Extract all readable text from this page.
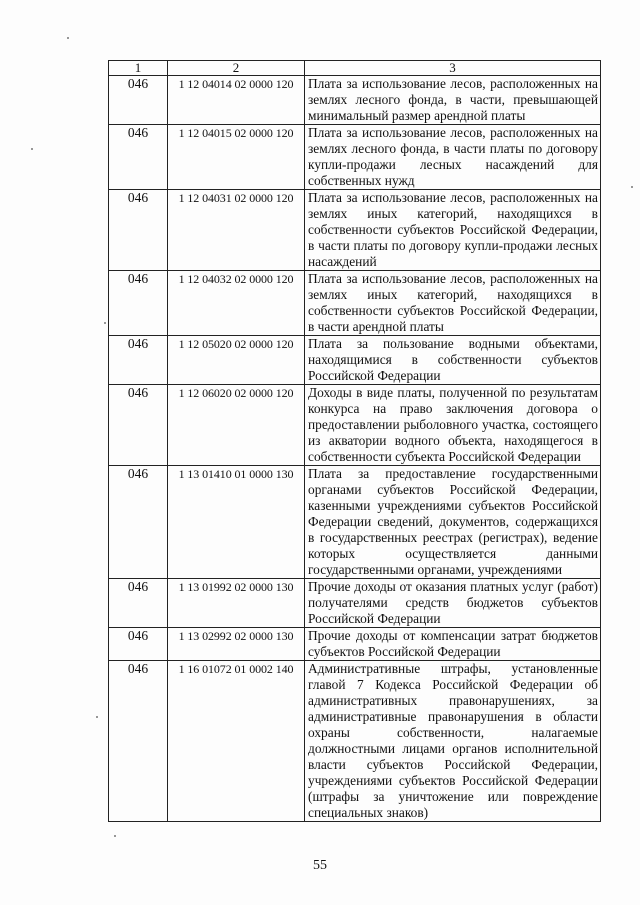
1	2	3
046	1 12 04014 02 0000 120	Плата за использование лесов, расположенных на землях лесного фонда, в части, превышающей минимальный размер арендной платы
046	1 12 04015 02 0000 120	Плата за использование лесов, расположенных на землях лесного фонда, в части платы по договору купли-продажи лесных насаждений для собственных нужд
046	1 12 04031 02 0000 120	Плата за использование лесов, расположенных на землях иных категорий, находящихся в собственности субъектов Российской Федерации, в части платы по договору купли-продажи лесных насаждений
046	1 12 04032 02 0000 120	Плата за использование лесов, расположенных на землях иных категорий, находящихся в собственности субъектов Российской Федерации, в части арендной платы
046	1 12 05020 02 0000 120	Плата за пользование водными объектами, находящимися в собственности субъектов Российской Федерации
046	1 12 06020 02 0000 120	Доходы в виде платы, полученной по результатам конкурса на право заключения договора о предоставлении рыболовного участка, состоящего из акватории водного объекта, находящегося в собственности субъекта Российской Федерации
046	1 13 01410 01 0000 130	Плата за предоставление государственными органами субъектов Российской Федерации, казенными учреждениями субъектов Российской Федерации сведений, документов, содержащихся в государственных реестрах (регистрах), ведение которых осуществляется данными государственными органами, учреждениями
046	1 13 01992 02 0000 130	Прочие доходы от оказания платных услуг (работ) получателями средств бюджетов субъектов Российской Федерации
046	1 13 02992 02 0000 130	Прочие доходы от компенсации затрат бюджетов субъектов Российской Федерации
046	1 16 01072 01 0002 140	Административные штрафы, установленные главой 7 Кодекса Российской Федерации об административных правонарушениях, за административные правонарушения в области охраны собственности, налагаемые должностными лицами органов исполнительной власти субъектов Российской Федерации, учреждениями субъектов Российской Федерации (штрафы за уничтожение или повреждение специальных знаков)
55
